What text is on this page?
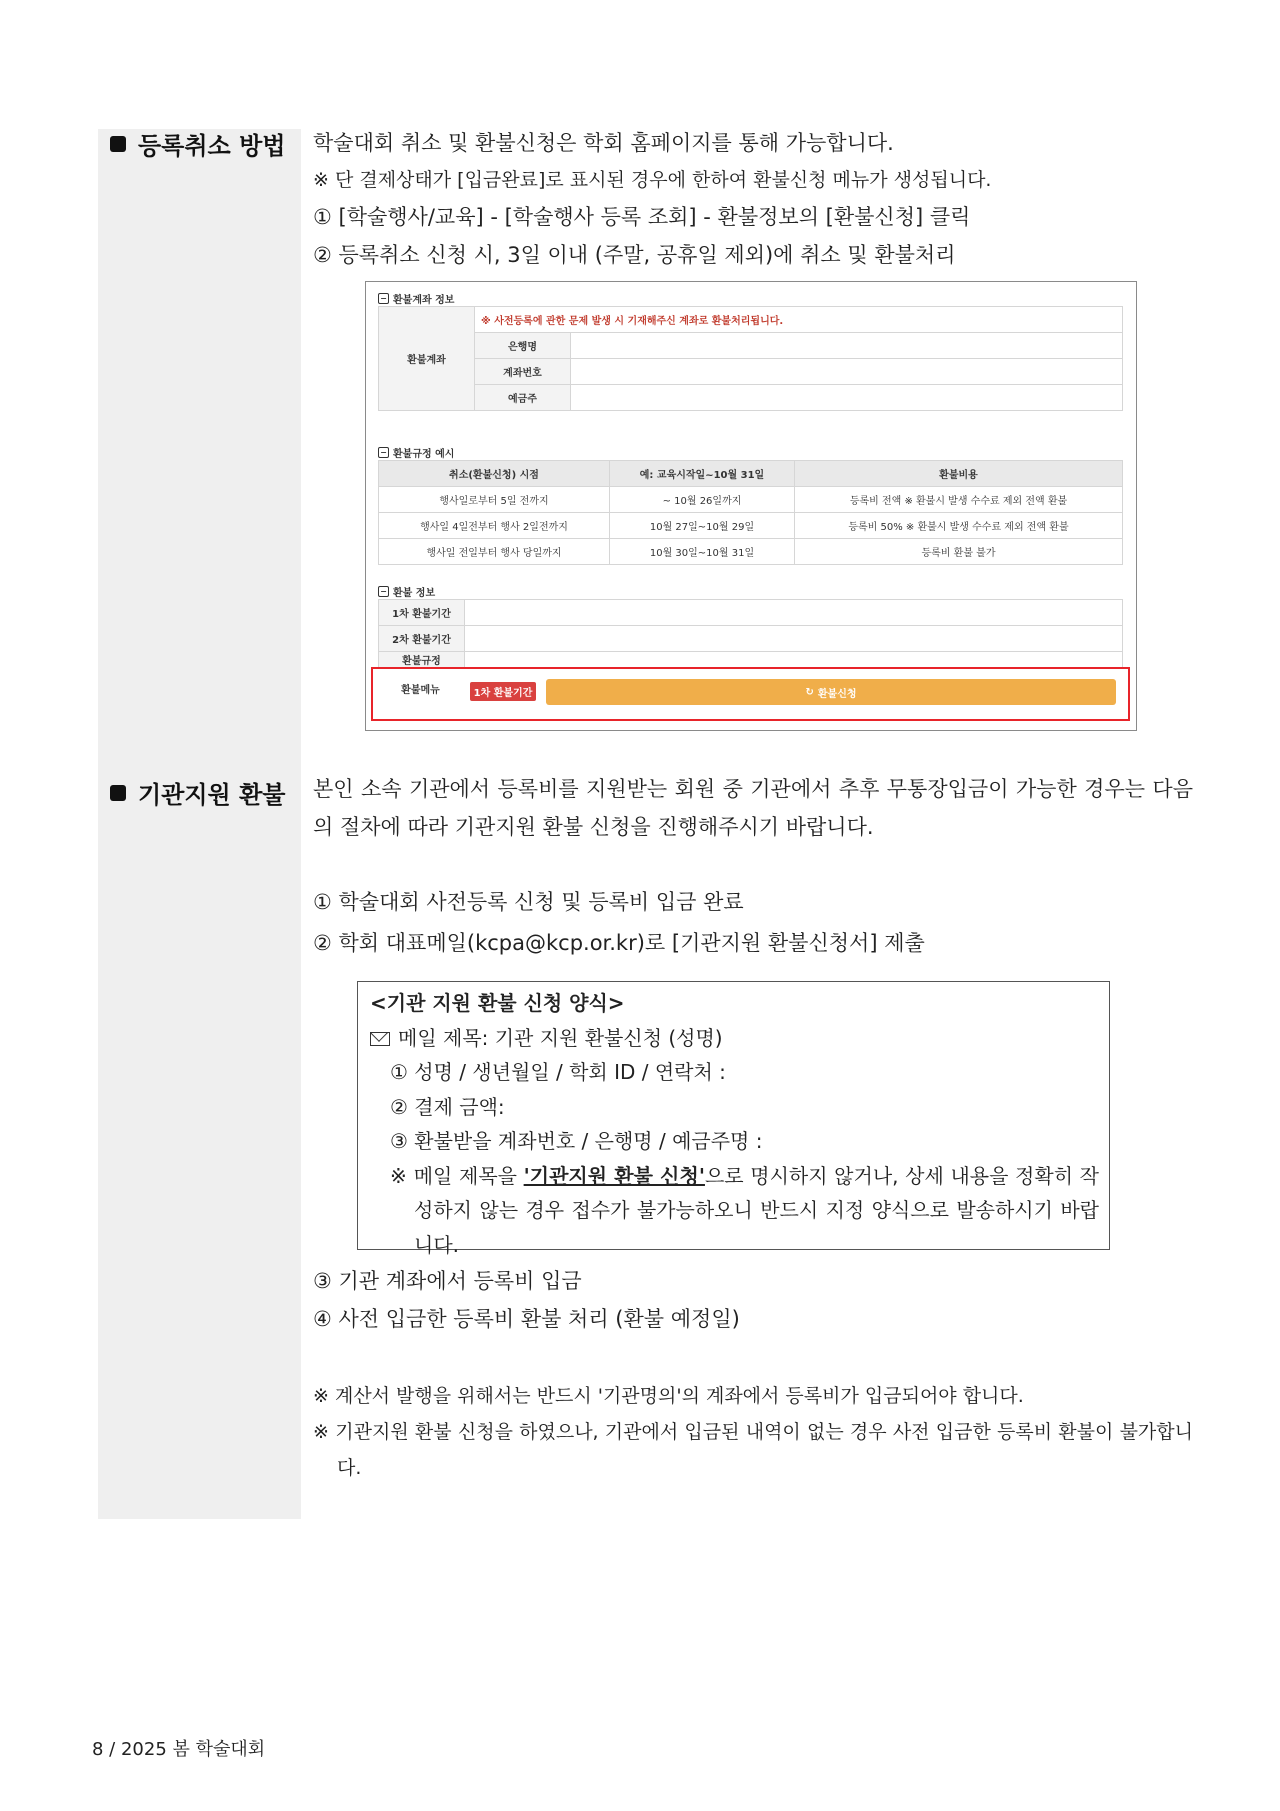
등록취소 방법 학술대회 취소 및 환불신청은 학회 홈페이지를 통해 가능합니다.
※ 단 결제상태가 [입금완료]로 표시된 경우에 한하여 환불신청 메뉴가 생성됩니다.
① [학술행사/교육] - [학술행사 등록 조회] - 환불정보의 [환불신청] 클릭
② 등록취소 신청 시, 3일 이내 (주말, 공휴일 제외)에 취소 및 환불처리
− 환불계좌 정보
환불계좌	※ 사전등록에 관한 문제 발생 시 기재해주신 계좌로 환불처리됩니다.	
	은행명	
	계좌번호	
	예금주	
− 환불규정 예시
취소(환불신청) 시점	예: 교육시작일~10월 31일	환불비용
행사일로부터 5일 전까지	~ 10월 26일까지	등록비 전액 ※ 환불시 발생 수수료 제외 전액 환불
행사일 4일전부터 행사 2일전까지	10월 27일~10월 29일	등록비 50% ※ 환불시 발생 수수료 제외 전액 환불
행사일 전일부터 행사 당일까지	10월 30일~10월 31일	등록비 환불 불가
− 환불 정보
1차 환불기간	
2차 환불기간	
환불규정	
환불메뉴	1차 환불기간	↻ 환불신청
기관지원 환불 본인 소속 기관에서 등록비를 지원받는 회원 중 기관에서 추후 무통장입금이 가능한 경우는 다음의 절차에 따라 기관지원 환불 신청을 진행해주시기 바랍니다.
① 학술대회 사전등록 신청 및 등록비 입금 완료
② 학회 대표메일(kcpa@kcp.or.kr)로 [기관지원 환불신청서] 제출
<기관 지원 환불 신청 양식>
메일 제목: 기관 지원 환불신청 (성명)
① 성명 / 생년월일 / 학회 ID / 연락처 :
② 결제 금액:
③ 환불받을 계좌번호 / 은행명 / 예금주명 :
※ 메일 제목을 '기관지원 환불 신청'으로 명시하지 않거나, 상세 내용을 정확히 작성하지 않는 경우 접수가 불가능하오니 반드시 지정 양식으로 발송하시기 바랍니다.
③ 기관 계좌에서 등록비 입금
④ 사전 입금한 등록비 환불 처리 (환불 예정일)
※ 계산서 발행을 위해서는 반드시 '기관명의'의 계좌에서 등록비가 입금되어야 합니다.
※ 기관지원 환불 신청을 하였으나, 기관에서 입금된 내역이 없는 경우 사전 입금한 등록비 환불이 불가합니다.
8 / 2025 봄 학술대회
